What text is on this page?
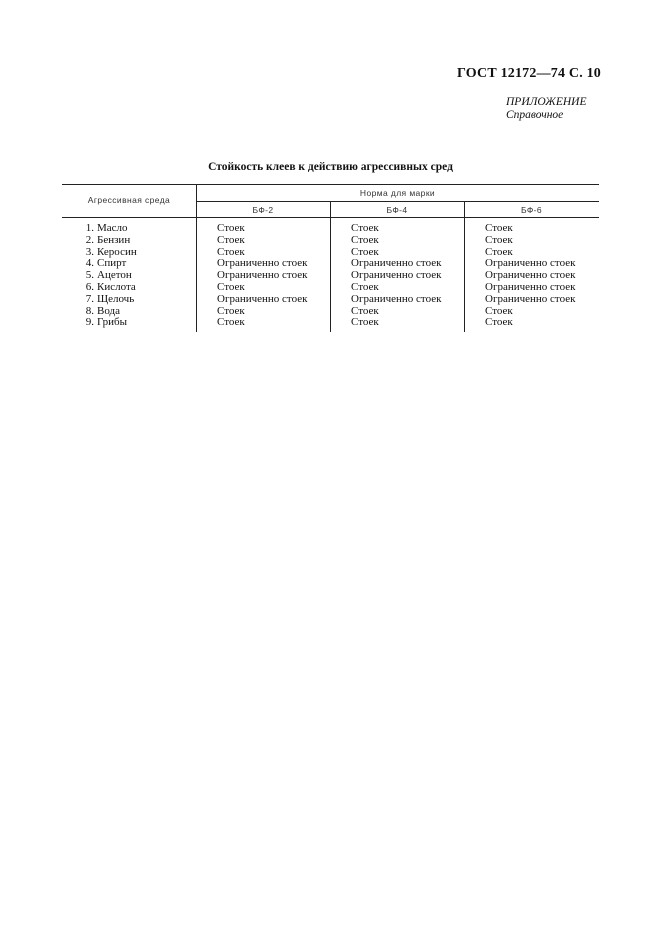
ГОСТ 12172—74 С. 10
ПРИЛОЖЕНИЕ
Справочное
Стойкость клеев к действию агрессивных сред
Агрессивная среда
Норма для марки
БФ-2	БФ-4	БФ-6
1. Масло	Стоек	Стоек	Стоек
2. Бензин	Стоек	Стоек	Стоек
3. Керосин	Стоек	Стоек	Стоек
4. Спирт	Ограниченно стоек	Ограниченно стоек	Ограниченно стоек
5. Ацетон	Ограниченно стоек	Ограниченно стоек	Ограниченно стоек
6. Кислота	Стоек	Стоек	Ограниченно стоек
7. Щелочь	Ограниченно стоек	Ограниченно стоек	Ограниченно стоек
8. Вода	Стоек	Стоек	Стоек
9. Грибы	Стоек	Стоек	Стоек
